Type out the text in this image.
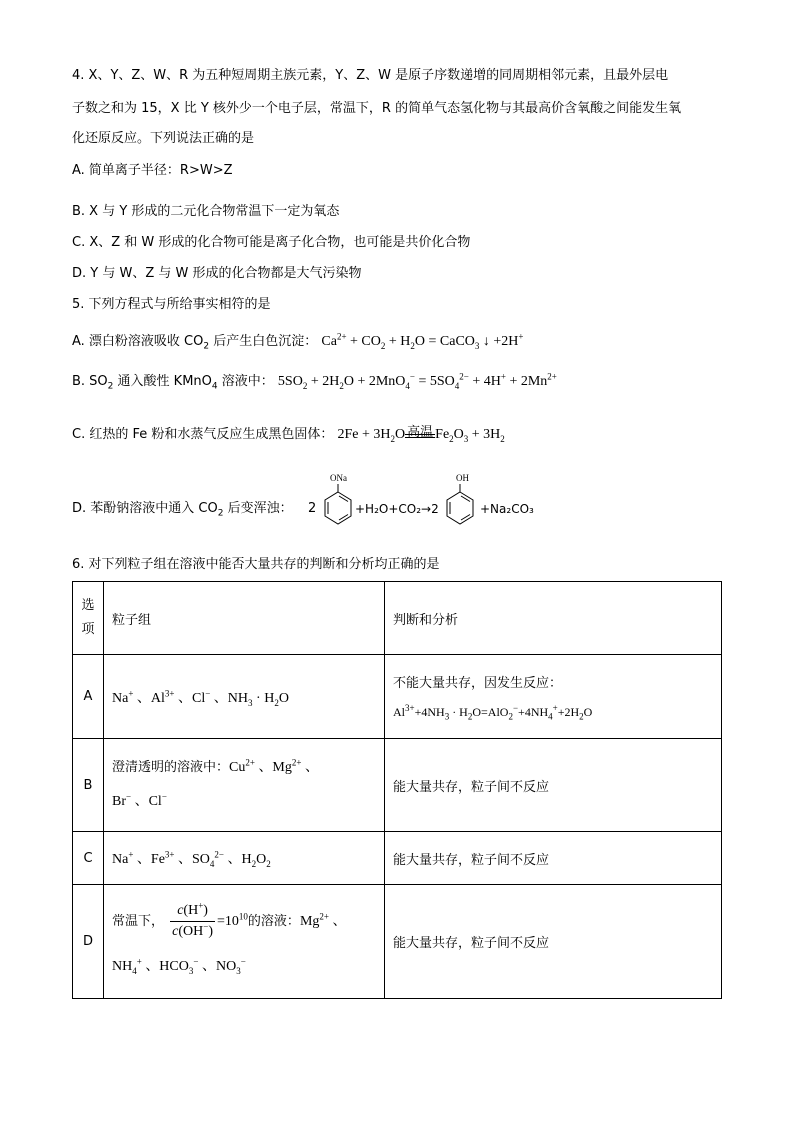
4. X、Y、Z、W、R 为五种短周期主族元素，Y、Z、W 是原子序数递增的同周期相邻元素，且最外层电
子数之和为 15，X 比 Y 核外少一个电子层，常温下，R 的简单气态氢化物与其最高价含氧酸之间能发生氧
化还原反应。下列说法正确的是
A. 简单离子半径：R>W>Z
B. X 与 Y 形成的二元化合物常温下一定为氧态
C. X、Z 和 W 形成的化合物可能是离子化合物，也可能是共价化合物
D. Y 与 W、Z 与 W 形成的化合物都是大气污染物
5. 下列方程式与所给事实相符的是
A. 漂白粉溶液吸收 $CO_2$ 后产生白色沉淀： $Ca^{2+} + CO_2 + H_2O$ = CaCO$_3$ ↓ +2H+
B. $SO_2$ 通入酸性 KMnO$_4$ 溶液中： $5SO_2 + 2H_2O + 2MnO_4^- = 5SO_4^{2-} + 4H^+ + 2Mn^{2+}$
C. 红热的 Fe 粉和水蒸气反应生成黑色固体： $2Fe + 3H_2O$ 高温 $Fe_2O_3 + 3H_2$
D. 苯酚钠溶液中通入 $CO_2$ 后变浑浊： 2
ONa
+H₂O+CO₂→2
OH
+Na₂CO₃
6. 对下列粒子组在溶液中能否大量共存的判断和分析均正确的是
选
项	粒子组	判断和分析
A	Na+ 、$Al^{3+}$ 、Cl− 、$NH_3 \cdot H_2O$	不能大量共存，因发生反应：
$Al^{3+}+4NH_3 \cdot H_2O=AlO_2^-+4NH_4^++2H_2O$

B	澄清透明的溶液中：$Cu^{2+}$ 、$Mg^{2+}$ 、
Br− 、Cl−	能大量共存，粒子间不反应
C	Na+ 、$Fe^{3+}$ 、$SO_4^{2-}$ 、$H_2O_2$	能大量共存，粒子间不反应
D	常温下， $\frac{c(H^+)}{c(OH^-)} =10^{10}$的溶液：$Mg^{2+}$ 、
$NH_4^+$ 、$HCO_3^-$ 、$NO_3^-$	能大量共存，粒子间不反应
